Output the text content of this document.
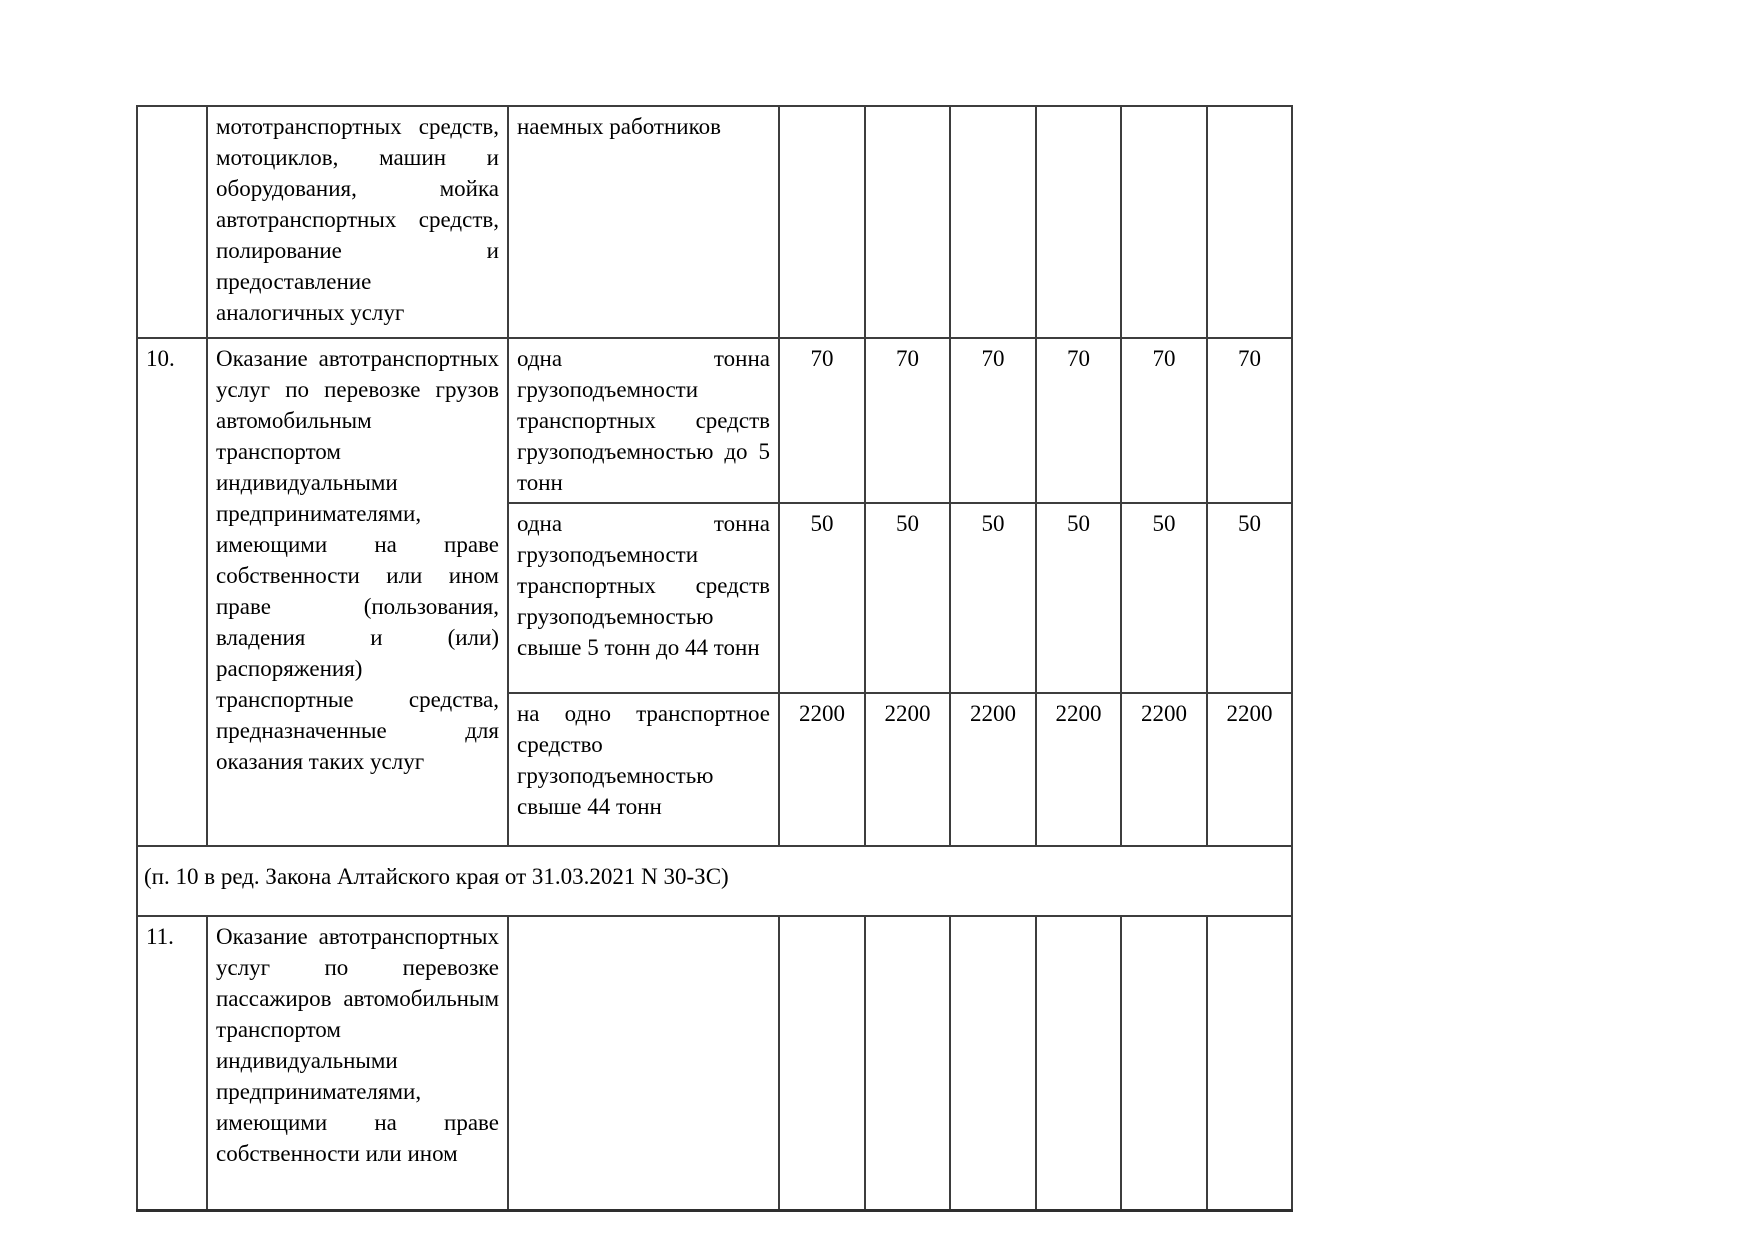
	мототранспортных средств, мотоциклов, машин и оборудования, мойка автотранспортных средств, полирование и предоставление аналогичных услуг	наемных работников						
10.	Оказание автотранспортных услуг по перевозке грузов автомобильным транспортом индивидуальными предпринимателями, имеющими на праве собственности или ином праве (пользования, владения и (или) распоряжения) транспортные средства, предназначенные для оказания таких услуг	одна тонна грузоподъемности транспортных средств грузоподъемностью до 5 тонн	70	70	70	70	70	70
		одна тонна грузоподъемности транспортных средств грузоподъемностью свыше 5 тонн до 44 тонн	50	50	50	50	50	50
		на одно транспортное средство грузоподъемностью свыше 44 тонн	2200	2200	2200	2200	2200	2200
(п. 10 в ред. Закона Алтайского края от 31.03.2021 N 30-ЗС)								
11.	Оказание автотранспортных услуг по перевозке пассажиров автомобильным транспортом индивидуальными предпринимателями, имеющими на праве собственности или ином							
